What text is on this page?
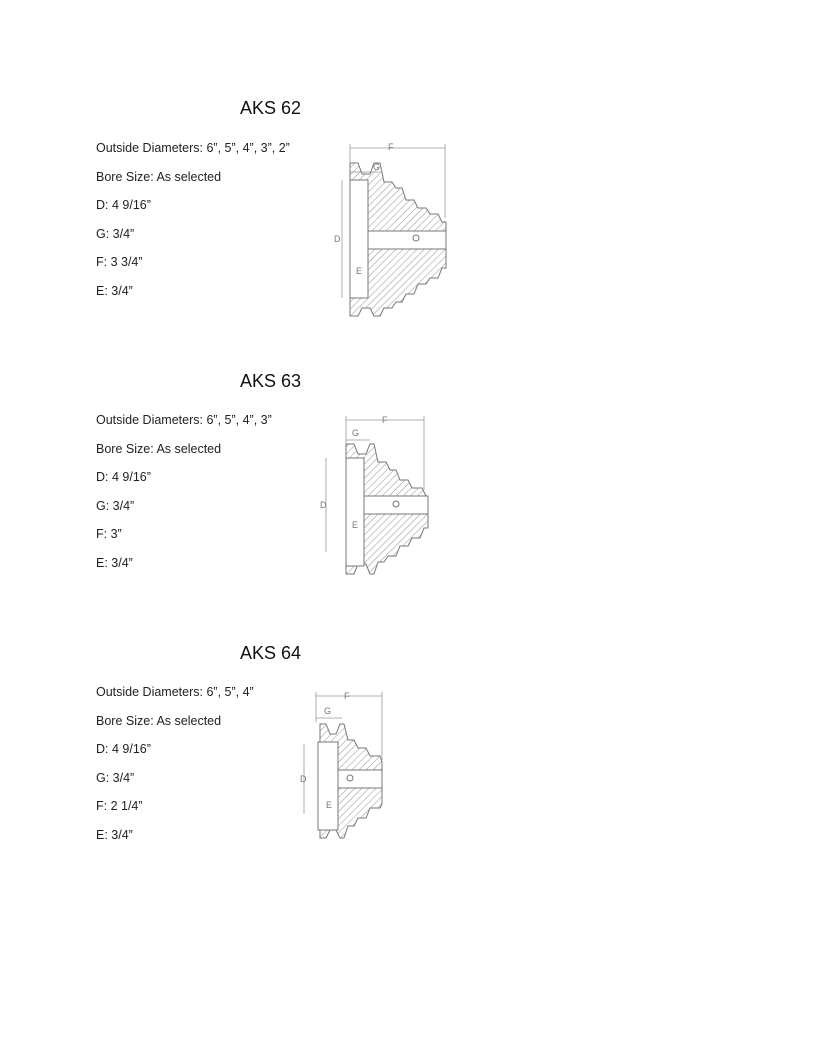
AKS 62
Outside Diameters: 6”, 5”, 4”, 3”, 2”
Bore Size: As selected
D: 4 9/16”
G: 3/4”
F: 3 3/4”
E: 3/4”
F
D
E
AKS 63
Outside Diameters: 6”, 5”, 4”, 3”
Bore Size: As selected
D: 4 9/16”
G: 3/4”
F: 3”
E: 3/4”
F
G
D
E
AKS 64
Outside Diameters: 6”, 5”, 4”
Bore Size: As selected
D: 4 9/16”
G: 3/4”
F: 2 1/4”
E: 3/4”
F
G
D
E
